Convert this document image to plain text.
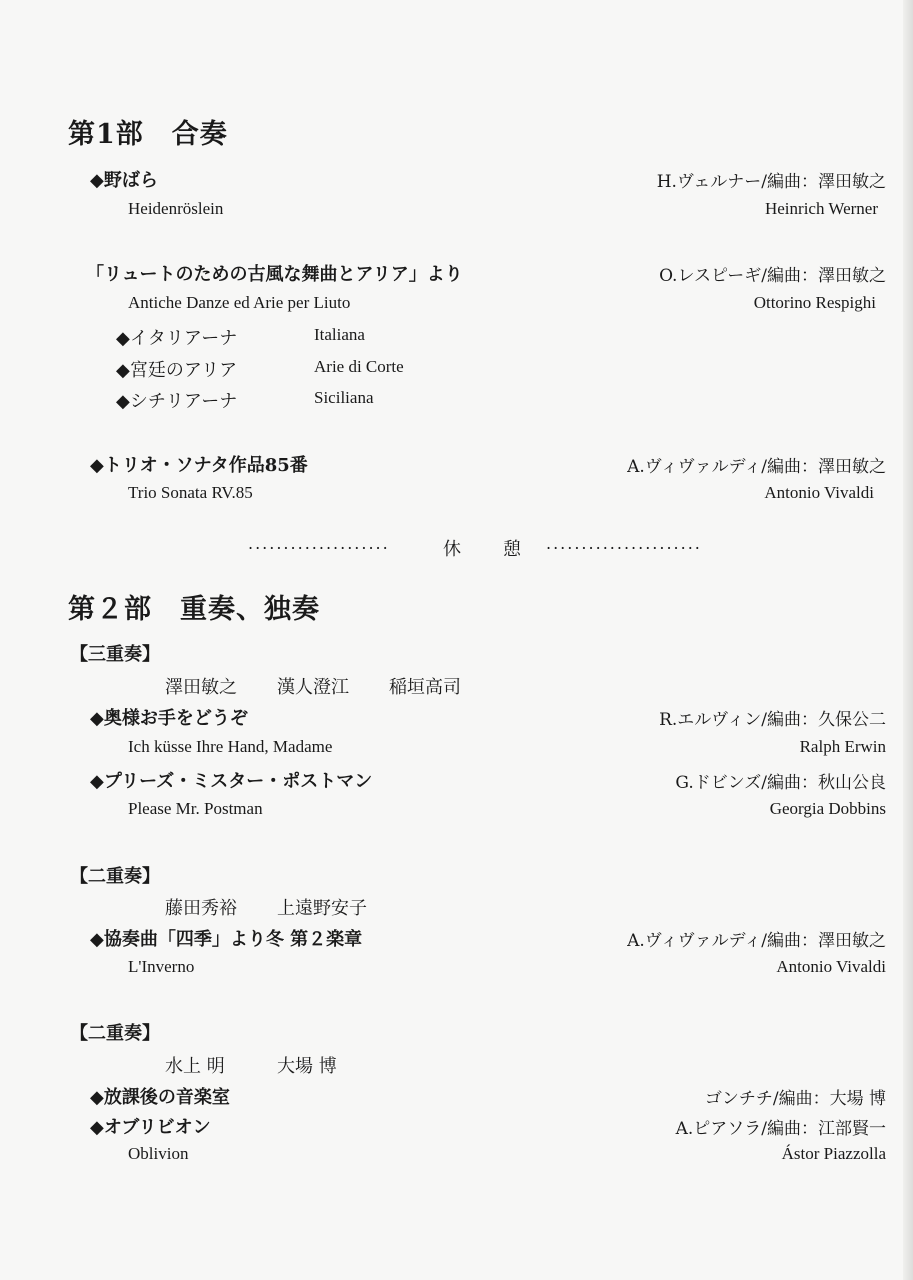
第1部　合奏
◆野ばら
Heidenröslein
H.ヴェルナー/編曲：澤田敏之
Heinrich Werner
「リュートのための古風な舞曲とアリア」より
Antiche Danze ed Arie per Liuto
O.レスピーギ/編曲：澤田敏之
Ottorino Respighi
◆イタリアーナ	Italiana
◆宮廷のアリア	Arie di Corte
◆シチリアーナ	Siciliana
◆トリオ・ソナタ作品85番
Trio Sonata RV.85
A.ヴィヴァルディ/編曲：澤田敏之
Antonio Vivaldi
....................	休 憩 ......................
第２部　重奏、独奏
【三重奏】
澤田敏之 漢人澄江 稲垣高司
◆奥様お手をどうぞ
Ich küsse Ihre Hand, Madame
R.エルヴィン/編曲：久保公二
Ralph Erwin
◆プリーズ・ミスター・ポストマン
Please Mr. Postman
G.ドビンズ/編曲：秋山公良
Georgia Dobbins
【二重奏】
藤田秀裕 上遠野安子
◆協奏曲「四季」より冬 第２楽章
L'Inverno
A.ヴィヴァルディ/編曲：澤田敏之
Antonio Vivaldi
【二重奏】
水上 明	大場 博
◆放課後の音楽室	ゴンチチ/編曲：大場 博
◆オブリビオン
Oblivion
A.ピアソラ/編曲：江部賢一
Ástor Piazzolla
